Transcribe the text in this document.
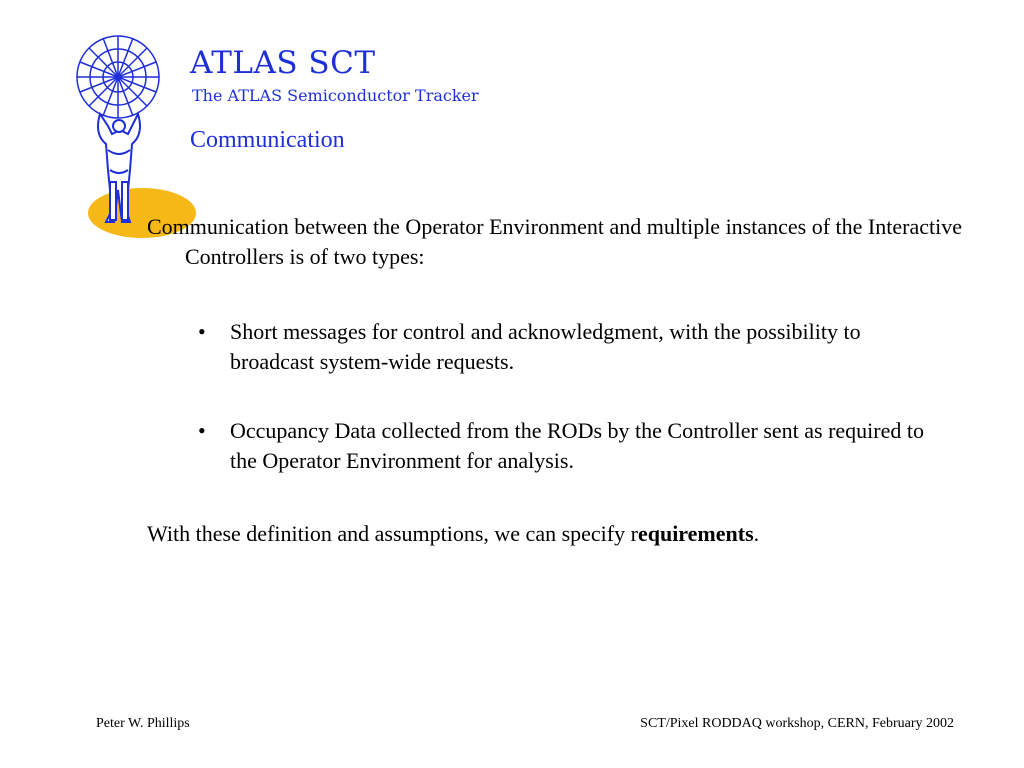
ATLAS SCT
The ATLAS Semiconductor Tracker
Communication
Communication between the Operator Environment and multiple instances of the Interactive Controllers is of two types:
•	Short messages for control and acknowledgment, with the possibility to broadcast system-wide requests.
•	Occupancy Data collected from the RODs by the Controller sent as required to the Operator Environment for analysis.
With these definition and assumptions, we can specify requirements.
Peter W. Phillips	SCT/Pixel RODDAQ workshop, CERN, February 2002
